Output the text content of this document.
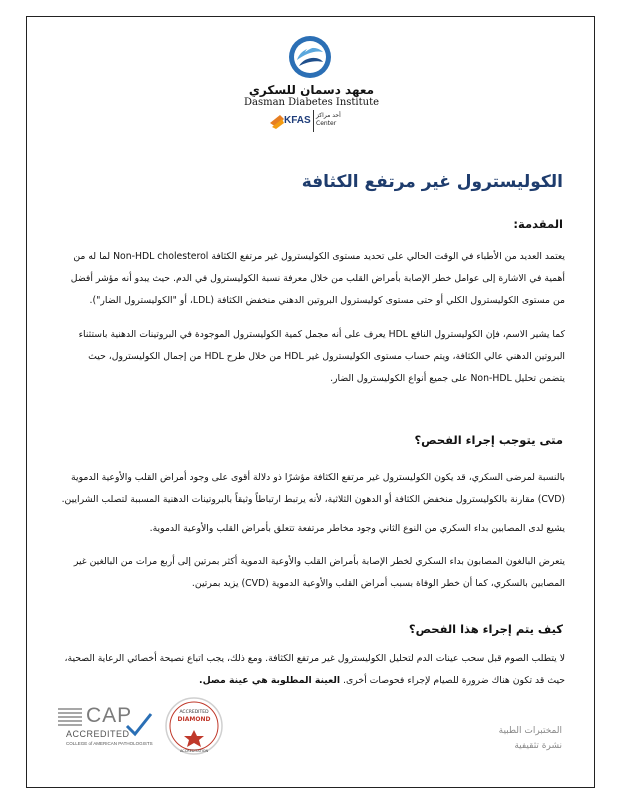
معهد دسمان للسكري
Dasman Diabetes Institute
KFAS أحد مراكز
Center
الكوليسترول غير مرتفع الكثافة
المقدمة:
يعتمد العديد من الأطباء في الوقت الحالي على تحديد مستوى الكوليسترول غير مرتفع الكثافة Non-HDL cholesterol لما له من أهمية في الاشارة إلى عوامل خطر الإصابة بأمراض القلب من خلال معرفة نسبة الكوليسترول في الدم. حيث يبدو أنه مؤشر أفضل من مستوى الكوليسترول الكلي أو حتى مستوى كوليسترول البروتين الدهني منخفض الكثافة (LDL، أو "الكوليسترول الضار").
كما يشير الاسم، فإن الكوليسترول النافع HDL يعرف على أنه مجمل كمية الكوليسترول الموجودة في البروتينات الدهنية باستثناء البروتين الدهني عالي الكثافة، ويتم حساب مستوى الكوليسترول غير HDL من خلال طرح HDL من إجمال الكوليسترول، حيث يتضمن تحليل Non-HDL على جميع أنواع الكوليسترول الضار.
متى يتوجب إجراء الفحص؟
بالنسبة لمرضى السكري، قد يكون الكوليسترول غير مرتفع الكثافة مؤشرًا ذو دلالة أقوى على وجود أمراض القلب والأوعية الدموية (CVD) مقارنة بالكوليسترول منخفض الكثافة أو الدهون الثلاثية، لأنه يرتبط ارتباطاً وثيقاً بالبروتينات الدهنية المسببة لتصلب الشرايين.
يشيع لدى المصابين بداء السكري من النوع الثاني وجود مخاطر مرتفعة تتعلق بأمراض القلب والأوعية الدموية.
يتعرض البالغون المصابون بداء السكري لخطر الإصابة بأمراض القلب والأوعية الدموية أكثر بمرتين إلى أربع مرات من البالغين غير المصابين بالسكري، كما أن خطر الوفاة بسبب أمراض القلب والأوعية الدموية (CVD) يزيد بمرتين.
كيف يتم إجراء هذا الفحص؟
لا يتطلب الصوم قبل سحب عينات الدم لتحليل الكوليسترول غير مرتفع الكثافة. ومع ذلك، يجب اتباع نصيحة أخصائي الرعاية الصحية، حيث قد تكون هناك ضرورة للصيام لإجراء فحوصات أخرى. العينة المطلوبة هي عينة مصل.
CAP
ACCREDITED
COLLEGE of AMERICAN PATHOLOGISTS
ACCREDITED
DIAMOND
ACCREDITATION
المختبرات الطبية
نشرة تثقيفية
